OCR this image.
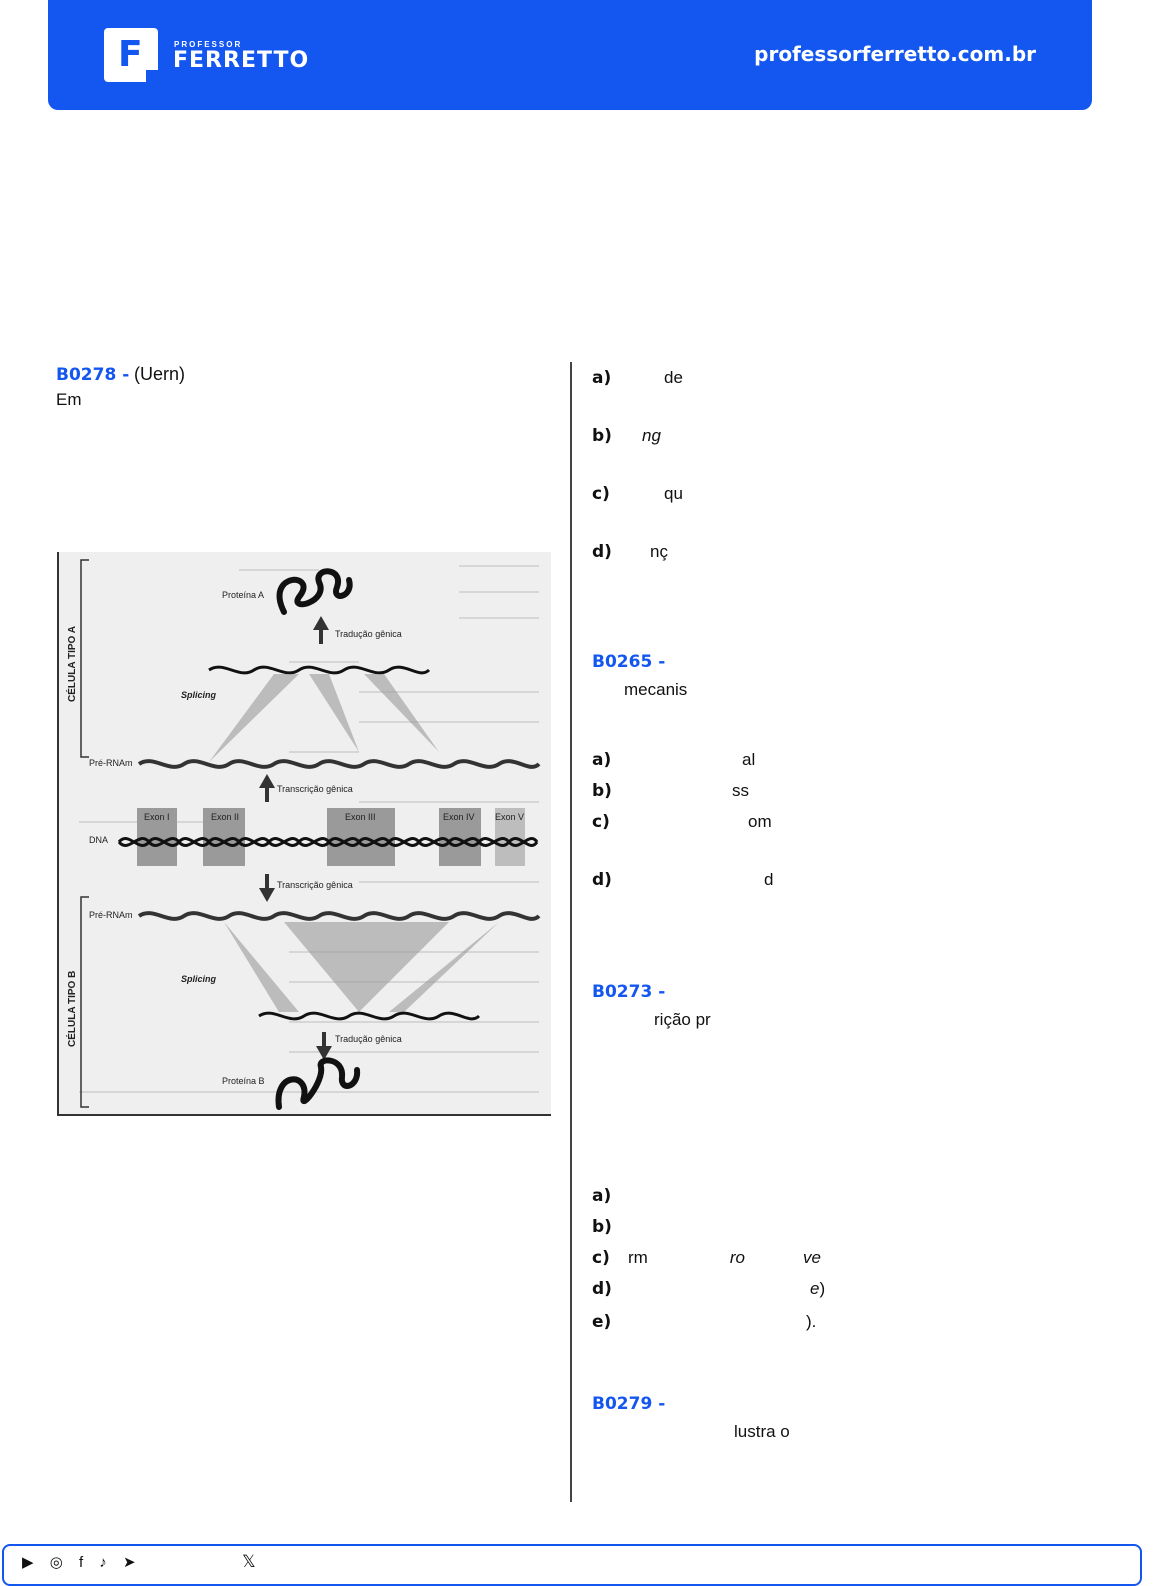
F	PROFESSOR
FERRETTO	professorferretto.com.br
B0278 - (Uern)
Em
CÉLULA TIPO A
CÉLULA TIPO B
Proteína A
Tradução gênica
Splicing
Pré-RNAm
Transcrição gênica
DNA
Exon I	Exon II	Exon III	Exon IV Exon V
Transcrição gênica
Pré-RNAm
Splicing
Tradução gênica
Proteína B
a)	de
b) ng
c)	qu
d) nç
B0265 -
mecanis
a)	al
b)	ss
c)	om
d)	d
B0273 -
rição pr
a)
b)
c) rm	ro	ve
d)	e)
e)	).
B0279 -
lustra o
▶ ◎ f ♪ ➤	𝕏
